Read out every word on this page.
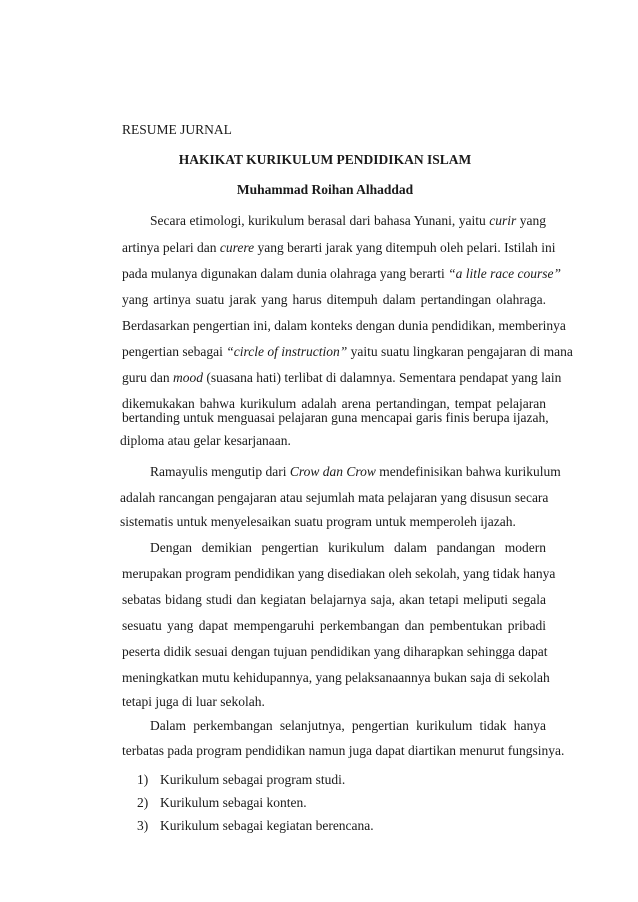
RESUME JURNAL
HAKIKAT KURIKULUM PENDIDIKAN ISLAM
Muhammad Roihan Alhaddad
Secara etimologi, kurikulum berasal dari bahasa Yunani, yaitu curir yang
artinya pelari dan curere yang berarti jarak yang ditempuh oleh pelari. Istilah ini
pada mulanya digunakan dalam dunia olahraga yang berarti “a litle race course”
yang artinya suatu jarak yang harus ditempuh dalam pertandingan olahraga.
Berdasarkan pengertian ini, dalam konteks dengan dunia pendidikan, memberinya
pengertian sebagai “circle of instruction” yaitu suatu lingkaran pengajaran di mana
guru dan mood (suasana hati) terlibat di dalamnya. Sementara pendapat yang lain
dikemukakan bahwa kurikulum adalah arena pertandingan, tempat pelajaran
bertanding untuk menguasai pelajaran guna mencapai garis finis berupa ijazah,
diploma atau gelar kesarjanaan.
Ramayulis mengutip dari Crow dan Crow mendefinisikan bahwa kurikulum
adalah rancangan pengajaran atau sejumlah mata pelajaran yang disusun secara
sistematis untuk menyelesaikan suatu program untuk memperoleh ijazah.
Dengan demikian pengertian kurikulum dalam pandangan modern
merupakan program pendidikan yang disediakan oleh sekolah, yang tidak hanya
sebatas bidang studi dan kegiatan belajarnya saja, akan tetapi meliputi segala
sesuatu yang dapat mempengaruhi perkembangan dan pembentukan pribadi
peserta didik sesuai dengan tujuan pendidikan yang diharapkan sehingga dapat
meningkatkan mutu kehidupannya, yang pelaksanaannya bukan saja di sekolah
tetapi juga di luar sekolah.
Dalam perkembangan selanjutnya, pengertian kurikulum tidak hanya
terbatas pada program pendidikan namun juga dapat diartikan menurut fungsinya.
1) Kurikulum sebagai program studi.
2) Kurikulum sebagai konten.
3) Kurikulum sebagai kegiatan berencana.
